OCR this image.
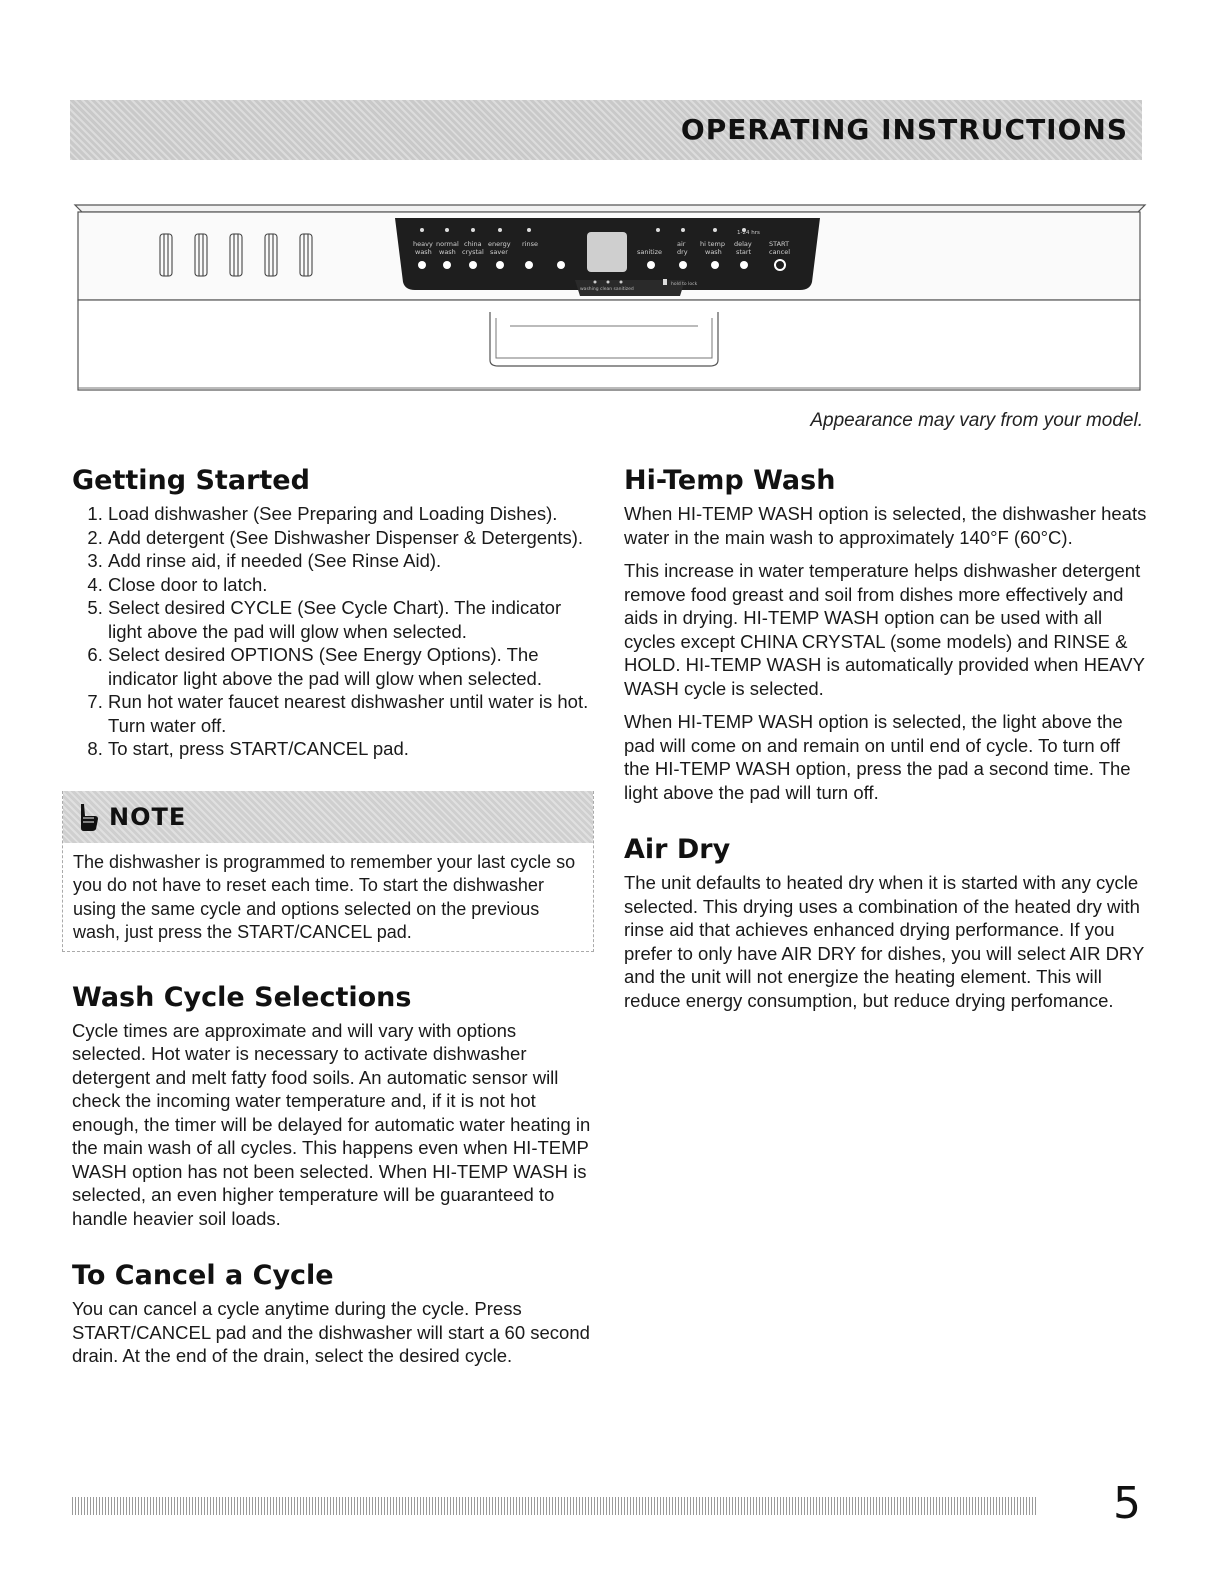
OPERATING INSTRUCTIONS
heavy
wash
normal
wash
china
crystal
energy
saver
rinse
sanitize
air
dry
hi temp
wash
delay
start
START
cancel
1-24 hrs
washing clean sanitized
hold to lock
Appearance may vary from your model.
Getting Started
1. Load dishwasher (See Preparing and Loading Dishes).
2. Add detergent (See Dishwasher Dispenser & Detergents).
3. Add rinse aid, if needed (See Rinse Aid).
4. Close door to latch.
5. Select desired CYCLE (See Cycle Chart). The indicator light above the pad will glow when selected.
6. Select desired OPTIONS (See Energy Options). The indicator light above the pad will glow when selected.
7. Run hot water faucet nearest dishwasher until water is hot. Turn water off.
8. To start, press START/CANCEL pad.
NOTE
The dishwasher is programmed to remember your last cycle so you do not have to reset each time. To start the dishwasher using the same cycle and options selected on the previous wash, just press the START/CANCEL pad.
Wash Cycle Selections

Cycle times are approximate and will vary with options selected. Hot water is necessary to activate dishwasher detergent and melt fatty food soils. An automatic sensor will check the incoming water temperature and, if it is not hot enough, the timer will be delayed for automatic water heating in the main wash of all cycles. This happens even when HI-TEMP WASH option has not been selected. When HI-TEMP WASH is selected, an even higher temperature will be guaranteed to handle heavier soil loads.

To Cancel a Cycle

You can cancel a cycle anytime during the cycle. Press START/CANCEL pad and the dishwasher will start a 60 second drain. At the end of the drain, select the desired cycle.

Hi-Temp Wash

When HI-TEMP WASH option is selected, the dishwasher heats water in the main wash to approximately 140°F (60°C).

This increase in water temperature helps dishwasher detergent remove food greast and soil from dishes more effectively and aids in drying. HI-TEMP WASH option can be used with all cycles except CHINA CRYSTAL (some models) and RINSE & HOLD. HI-TEMP WASH is automatically provided when HEAVY WASH cycle is selected.

When HI-TEMP WASH option is selected, the light above the pad will come on and remain on until end of cycle. To turn off the HI-TEMP WASH option, press the pad a second time. The light above the pad will turn off.

Air Dry

The unit defaults to heated dry when it is started with any cycle selected. This drying uses a combination of the heated dry with rinse aid that achieves enhanced drying performance. If you prefer to only have AIR DRY for dishes, you will select AIR DRY and the unit will not energize the heating element. This will reduce energy consumption, but reduce drying perfomance.

5
